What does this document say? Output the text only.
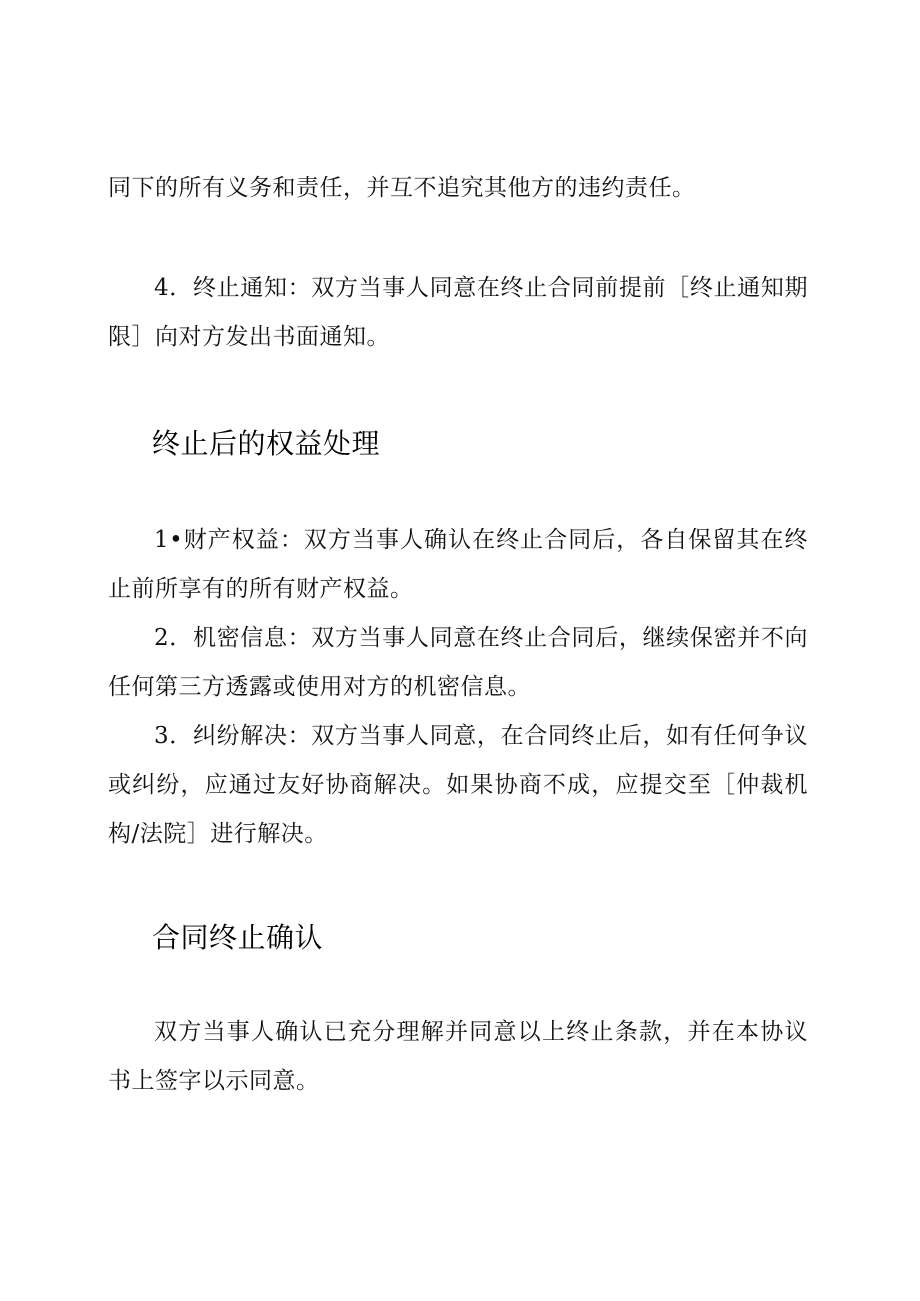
同下的所有义务和责任，并互不追究其他方的违约责任。

4．终止通知：双方当事人同意在终止合同前提前［终止通知期限］向对方发出书面通知。

终止后的权益处理

1•财产权益：双方当事人确认在终止合同后，各自保留其在终止前所享有的所有财产权益。

2．机密信息：双方当事人同意在终止合同后，继续保密并不向任何第三方透露或使用对方的机密信息。

3．纠纷解决：双方当事人同意，在合同终止后，如有任何争议或纠纷，应通过友好协商解决。如果协商不成，应提交至［仲裁机构/法院］进行解决。

合同终止确认

双方当事人确认已充分理解并同意以上终止条款，并在本协议书上签字以示同意。
